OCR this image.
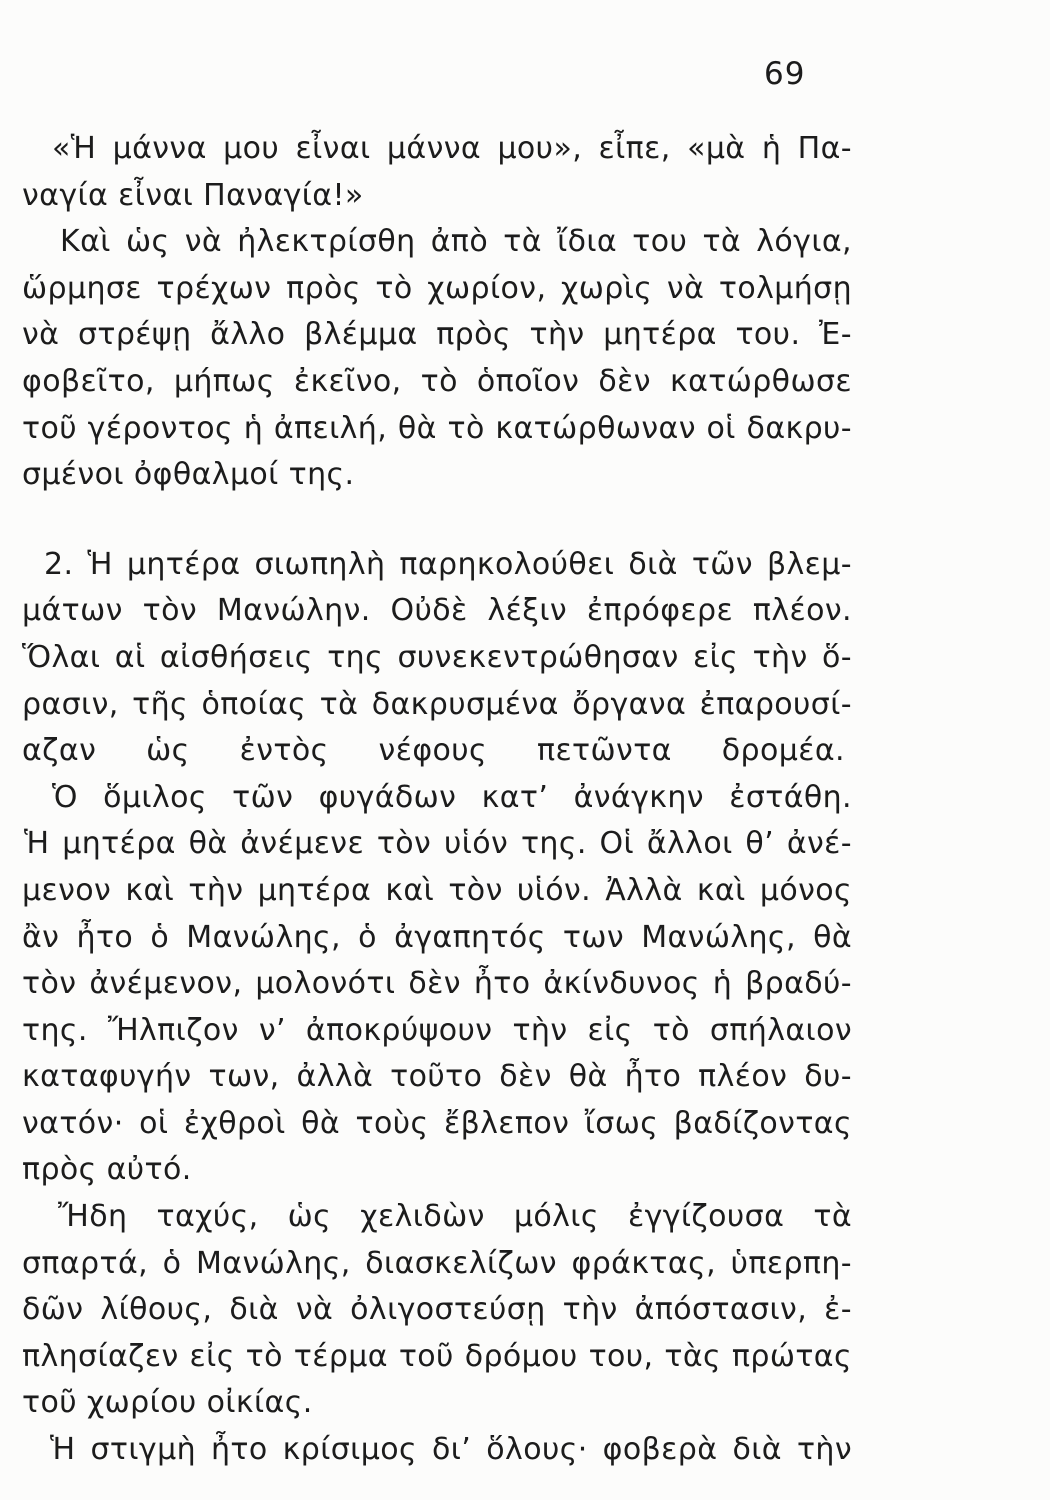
69
«Ἡ μάννα μου εἶναι μάννα μου», εἶπε, «μὰ ἡ Πα-
ναγία εἶναι Παναγία!»
Καὶ ὡς νὰ ἠλεκτρίσθη ἀπὸ τὰ ἴδια του τὰ λόγια,
ὥρμησε τρέχων πρὸς τὸ χωρίον, χωρὶς νὰ τολμήσῃ
νὰ στρέψῃ ἄλλο βλέμμα πρὸς τὴν μητέρα του. Ἐ-
φοβεῖτο, μήπως ἐκεῖνο, τὸ ὁποῖον δὲν κατώρθωσε
τοῦ γέροντος ἡ ἀπειλή, θὰ τὸ κατώρθωναν οἱ δακρυ-
σμένοι ὀφθαλμοί της.
2. Ἡ μητέρα σιωπηλὴ παρηκολούθει διὰ τῶν βλεμ-
μάτων τὸν Μανώλην. Οὐδὲ λέξιν ἐπρόφερε πλέον.
Ὅλαι αἱ αἰσθήσεις της συνεκεντρώθησαν εἰς τὴν ὅ-
ρασιν, τῆς ὁποίας τὰ δακρυσμένα ὄργανα ἐπαρουσί-
αζαν ὡς ἐντὸς νέφους πετῶντα δρομέα.
Ὁ ὅμιλος τῶν φυγάδων κατ’ ἀνάγκην ἐστάθη.
Ἡ μητέρα θὰ ἀνέμενε τὸν υἱόν της. Οἱ ἄλλοι θ’ ἀνέ-
μενον καὶ τὴν μητέρα καὶ τὸν υἱόν. Ἀλλὰ καὶ μόνος
ἂν ἦτο ὁ Μανώλης, ὁ ἀγαπητός των Μανώλης, θὰ
τὸν ἀνέμενον, μολονότι δὲν ἦτο ἀκίνδυνος ἡ βραδύ-
της. Ἤλπιζον ν’ ἀποκρύψουν τὴν εἰς τὸ σπήλαιον
καταφυγήν των, ἀλλὰ τοῦτο δὲν θὰ ἦτο πλέον δυ-
νατόν· οἱ ἐχθροὶ θὰ τοὺς ἔβλεπον ἴσως βαδίζοντας
πρὸς αὐτό.
Ἤδη ταχύς, ὡς χελιδὼν μόλις ἐγγίζουσα τὰ
σπαρτά, ὁ Μανώλης, διασκελίζων φράκτας, ὑπερπη-
δῶν λίθους, διὰ νὰ ὀλιγοστεύσῃ τὴν ἀπόστασιν, ἐ-
πλησίαζεν εἰς τὸ τέρμα τοῦ δρόμου του, τὰς πρώτας
τοῦ χωρίου οἰκίας.
Ἡ στιγμὴ ἦτο κρίσιμος δι’ ὅλους· φοβερὰ διὰ τὴν
